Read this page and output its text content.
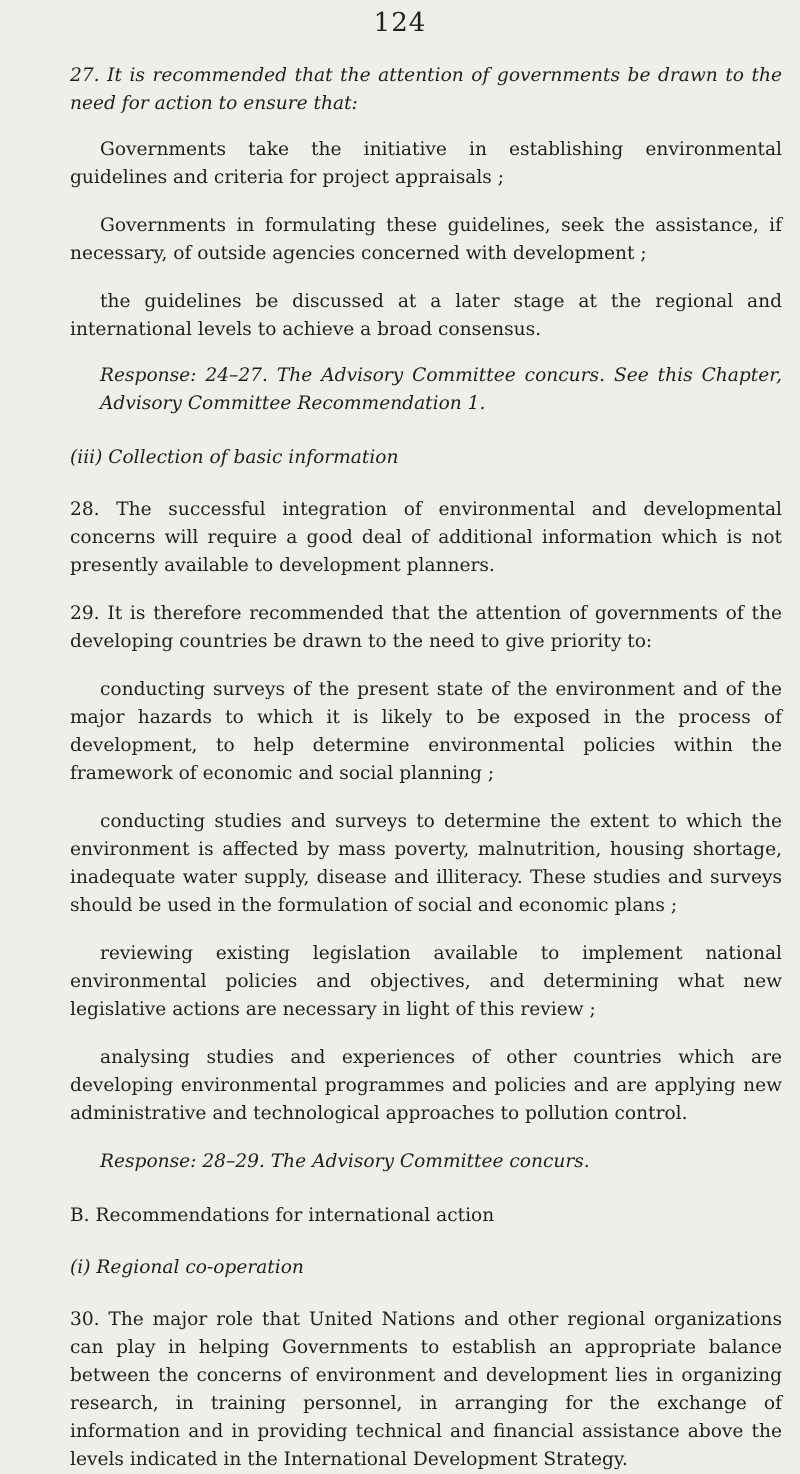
124

27. It is recommended that the attention of governments be drawn to the need for action to ensure that:

Governments take the initiative in establishing environmental guidelines and criteria for project appraisals ;

Governments in formulating these guidelines, seek the assistance, if necessary, of outside agencies concerned with development ;

the guidelines be discussed at a later stage at the regional and international levels to achieve a broad consensus.

Response: 24–27. The Advisory Committee concurs. See this Chapter, Advisory Committee Recommendation 1.

(iii) Collection of basic information

28. The successful integration of environmental and developmental concerns will require a good deal of additional information which is not presently available to development planners.

29. It is therefore recommended that the attention of governments of the developing countries be drawn to the need to give priority to:

conducting surveys of the present state of the environment and of the major hazards to which it is likely to be exposed in the process of development, to help determine environmental policies within the framework of economic and social planning ;

conducting studies and surveys to determine the extent to which the environment is affected by mass poverty, malnutrition, housing shortage, inadequate water supply, disease and illiteracy. These studies and surveys should be used in the formulation of social and economic plans ;

reviewing existing legislation available to implement national environmental policies and objectives, and determining what new legislative actions are necessary in light of this review ;

analysing studies and experiences of other countries which are developing environmental programmes and policies and are applying new administrative and technological approaches to pollution control.

Response: 28–29. The Advisory Committee concurs.

B. Recommendations for international action

(i) Regional co-operation

30. The major role that United Nations and other regional organizations can play in helping Governments to establish an appropriate balance between the concerns of environment and development lies in organizing research, in training personnel, in arranging for the exchange of information and in providing technical and financial assistance above the levels indicated in the International Development Strategy.
